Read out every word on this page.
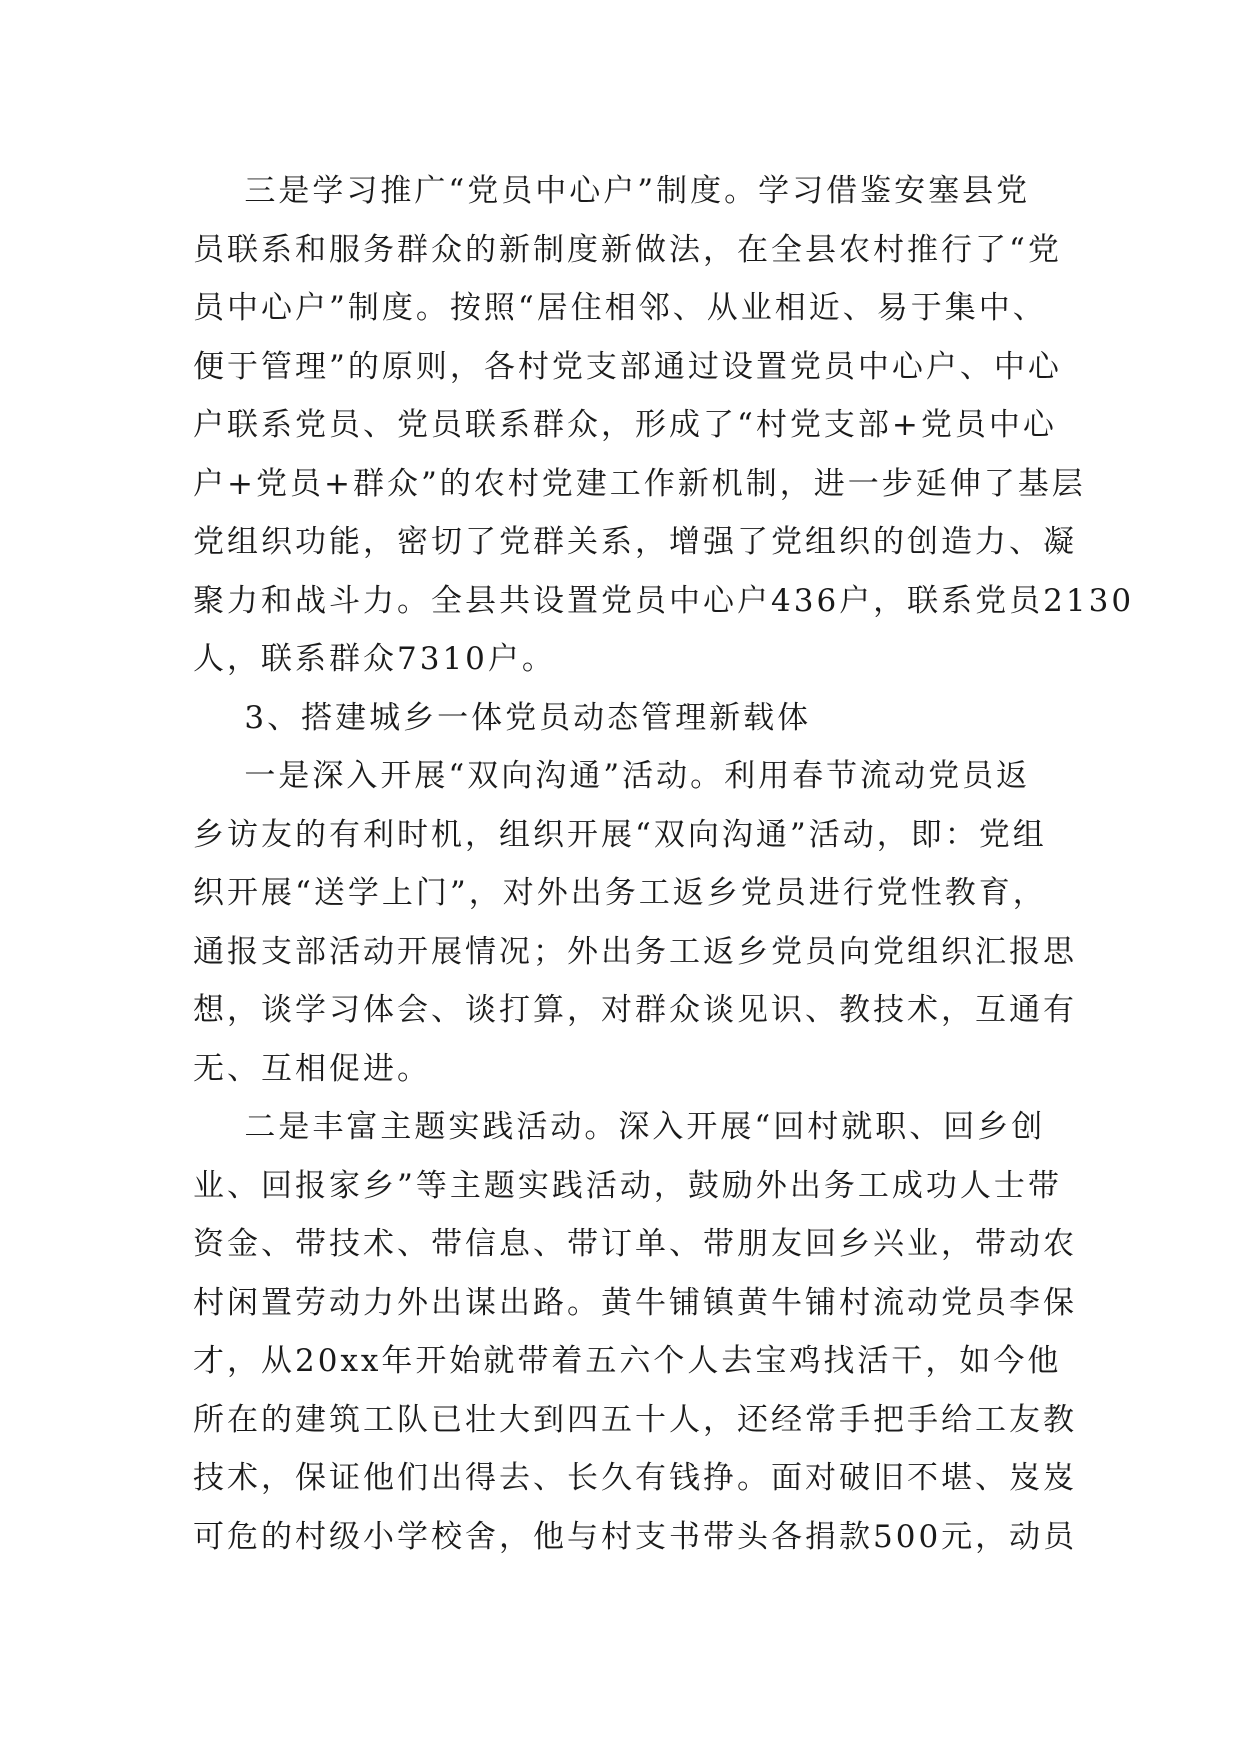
三是学习推广“党员中心户”制度。学习借鉴安塞县党
员联系和服务群众的新制度新做法，在全县农村推行了“党
员中心户”制度。按照“居住相邻、从业相近、易于集中、
便于管理”的原则，各村党支部通过设置党员中心户、中心
户联系党员、党员联系群众，形成了“村党支部+党员中心
户+党员+群众”的农村党建工作新机制，进一步延伸了基层
党组织功能，密切了党群关系，增强了党组织的创造力、凝
聚力和战斗力。全县共设置党员中心户436户，联系党员2130
人，联系群众7310户。
3、搭建城乡一体党员动态管理新载体
一是深入开展“双向沟通”活动。利用春节流动党员返
乡访友的有利时机，组织开展“双向沟通”活动，即：党组
织开展“送学上门”，对外出务工返乡党员进行党性教育，
通报支部活动开展情况；外出务工返乡党员向党组织汇报思
想，谈学习体会、谈打算，对群众谈见识、教技术，互通有
无、互相促进。
二是丰富主题实践活动。深入开展“回村就职、回乡创
业、回报家乡”等主题实践活动，鼓励外出务工成功人士带
资金、带技术、带信息、带订单、带朋友回乡兴业，带动农
村闲置劳动力外出谋出路。黄牛铺镇黄牛铺村流动党员李保
才，从20xx年开始就带着五六个人去宝鸡找活干，如今他
所在的建筑工队已壮大到四五十人，还经常手把手给工友教
技术，保证他们出得去、长久有钱挣。面对破旧不堪、岌岌
可危的村级小学校舍，他与村支书带头各捐款500元，动员
